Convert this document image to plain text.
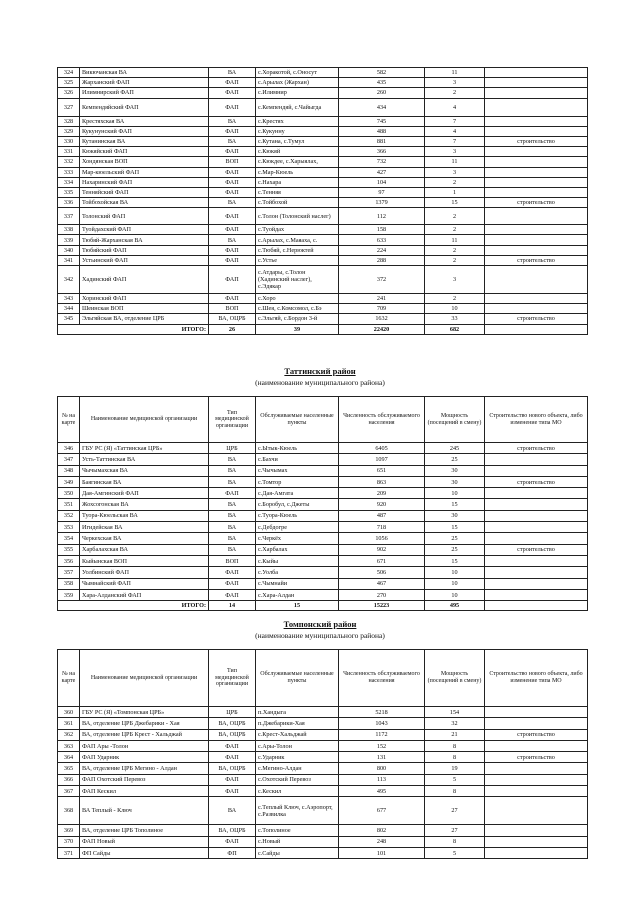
324	Викючанская ВА	ВА	с.Хоракотой, с.Оносут	582	11	
325	Жарханский ФАП	ФАП	с.Арылах (Жархан)	435	3	
326	Илимнирский ФАП	ФАП	с.Илимнир	260	2	
327	Кемпендяйский ФАП	ФАП	с.Кемпендяй, с.Чайыгда	434	4	
328	Крестяхская ВА	ВА	с.Крестях	745	7	
329	Кукунунский ФАП	ФАП	с.Кукунну	488	4	
330	Кутанинская ВА	ВА	с.Кутана, с.Тумул	881	7	строительство
331	Кюкяйский ФАП	ФАП	с.Кюкяй	366	3	
332	Хондянская ВОП	ВОП	с.Кюкдее, с.Харыялах,	732	11	
333	Мар-кюельский ФАП	ФАП	с.Мар-Кюель	427	3	
334	Нахаринский ФАП	ФАП	с.Нахара	104	2	
335	Тенняйский ФАП	ФАП	с.Тенняя	97	1	
336	Тойбохойская ВА	ВА	с.Тойбохой	1379	15	строительство
337	Толонский ФАП	ФАП	с.Толон (Толонский наслег)	112	2	
338	Туойдахский ФАП	ФАП	с.Туойдах	158	2	
339	Тюбяй-Жарханская ВА	ВА	с.Арылах, с.Маяаха, с.	633	11	
340	Тюбяйский ФАП	ФАП	с.Тюбяй, с.Нерюктей	224	2	
341	Устьинский ФАП	ФАП	с.Устье	288	2	строительство
342	Хадинский ФАП	ФАП	с.Атдары, с.Толон (Хадинский наслег), с.Эдякар	372	3	
343	Хоринский ФАП	ФАП	с.Хоро	241	2	
344	Шеинская ВОП	ВОП	с.Шея, с.Комсомол, с.Бэ	709	10	
345	Эльгяйская ВА, отделение ЦРБ	ВА, ОЦРБ	с.Эльгяй, с.Бордон 3-й	1632	33	строительство
ИТОГО:		26	39	22420	682	
Таттинский район
(наименование муниципального района)
№ на карте	Наименование медицинской организации	Тип медицинской организации	Обслуживаемые населенные пункты	Численность обслуживаемого населения	Мощность (посещений в смену)	Строительство нового объекта, либо изменение типа МО
346	ГБУ РС (Я) «Таттинская ЦРБ»	ЦРБ	с.Ытык-Кюель	6405	245	строительство
347	Усть-Таттинская ВА	ВА	с.Бахчи	1097	25	
348	Чычымахская ВА	ВА	с.Чычымах	651	30	
349	Баягинская ВА	ВА	с.Томтор	863	30	строительство
350	Дая-Амгинский ФАП	ФАП	с.Дая-Амгата	209	10	
351	Жохсогонская ВА	ВА	с.Боробул, с.Джеты	920	15	
352	Туора-Кюельская ВА	ВА	с.Туора-Кюель	487	30	
353	Игидейская ВА	ВА	с.Дебдогре	718	15	
354	Черкехская ВА	ВА	с.Черкёх	1056	25	
355	Харбалахская ВА	ВА	с.Харбалах	902	25	строительство
356	Кыйынская ВОП	ВОП	с.Кыйы	671	15	
357	Уолбинский ФАП	ФАП	с.Уолба	506	10	
358	Чымнайский ФАП	ФАП	с.Чымнайи	467	10	
359	Хара-Алданский ФАП	ФАП	с.Хара-Алдан	270	10	
ИТОГО:		14	15	15223	495	
Томпонский район
(наименование муниципального района)
№ на карте	Наименование медицинской организации	Тип медицинской организации	Обслуживаемые населенные пункты	Численность обслуживаемого населения	Мощность (посещений в смену)	Строительство нового объекта, либо изменение типа МО
360	ГБУ РС (Я) «Томпонская ЦРБ»	ЦРБ	п.Хандыга	5218	154	
361	ВА, отделение ЦРБ Джебарики - Хая	ВА, ОЦРБ	п.Джебарики-Хая	1043	32	
362	ВА, отделение ЦРБ Крест - Хальджай	ВА, ОЦРБ	с.Крест-Хальджай	1172	21	строительство
363	ФАП Ары -Толон	ФАП	с.Ары-Толон	152	8	
364	ФАП Ударник	ФАП	с.Ударник	131	8	строительство
365	ВА, отделение ЦРБ Мегино - Алдан	ВА, ОЦРБ	с.Мегино-Алдан	800	19	
366	ФАП Охотский Перевоз	ФАП	с.Охотский Перевоз	113	5	
367	ФАП Кескил	ФАП	с.Кескил	495	8	
368	ВА Теплый - Ключ	ВА	с.Теплый Ключ, с.Аэропорт, с.Развилка	677	27	
369	ВА, отделение ЦРБ Тополиное	ВА, ОЦРБ	с.Тополиное	802	27	
370	ФАП Новый	ФАП	с.Новый	248	8	
371	ФП Сайды	ФП	с.Сайды	101	5	
